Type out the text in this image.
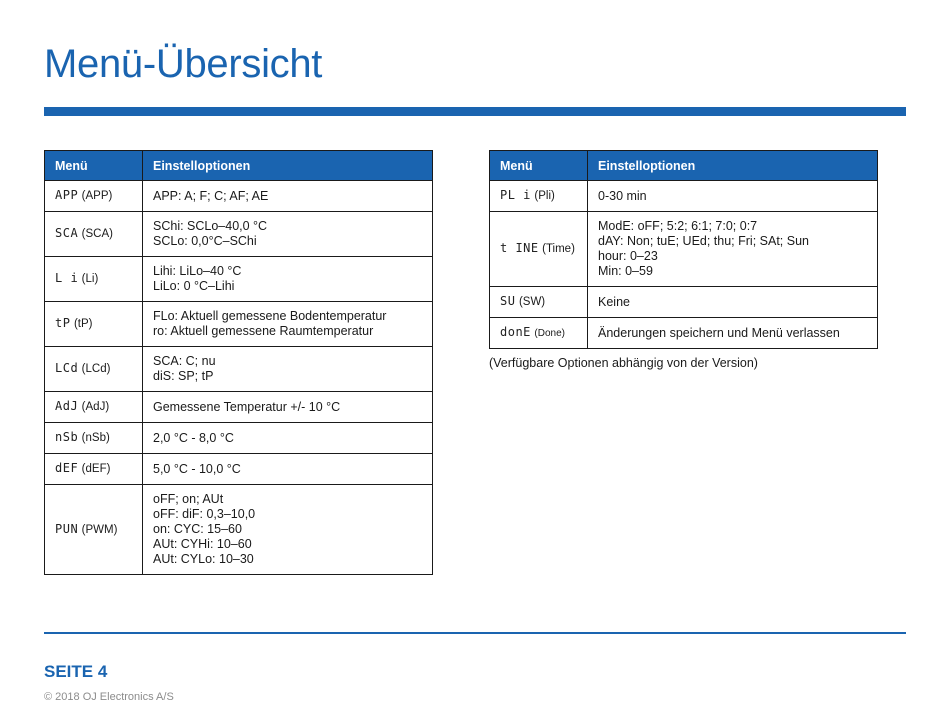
Menü-Übersicht
Menü	Einstelloptionen
APP (APP)	APP: A; F; C; AF; AE

SCA (SCA)	SChi: SCLo–40,0 °C
SCLo: 0,0°C–SChi

L i (Li)	Lihi: LiLo–40 °C
LiLo: 0 °C–Lihi

tP (tP)	FLo: Aktuell gemessene Bodentemperatur
ro: Aktuell gemessene Raumtemperatur

LCd (LCd)	SCA: C; nu
diS: SP; tP

AdJ (AdJ)	Gemessene Temperatur +/- 10 °C

nSb (nSb)	2,0 °C - 8,0 °C

dEF (dEF)	5,0 °C - 10,0 °C

PUN (PWM)	oFF; on; AUt
oFF: diF: 0,3–10,0
on: CYC: 15–60
AUt: CYHi: 10–60
AUt: CYLo: 10–30
Menü	Einstelloptionen
PL i (Pli)	0-30 min

t INE (Time)	ModE: oFF; 5:2; 6:1; 7:0; 0:7
dAY: Non; tuE; UEd; thu; Fri; SAt; Sun
hour: 0–23
Min: 0–59

SU (SW)	Keine

donE (Done)	Änderungen speichern und Menü verlassen
(Verfügbare Optionen abhängig von der Version)
SEITE 4
© 2018 OJ Electronics A/S
